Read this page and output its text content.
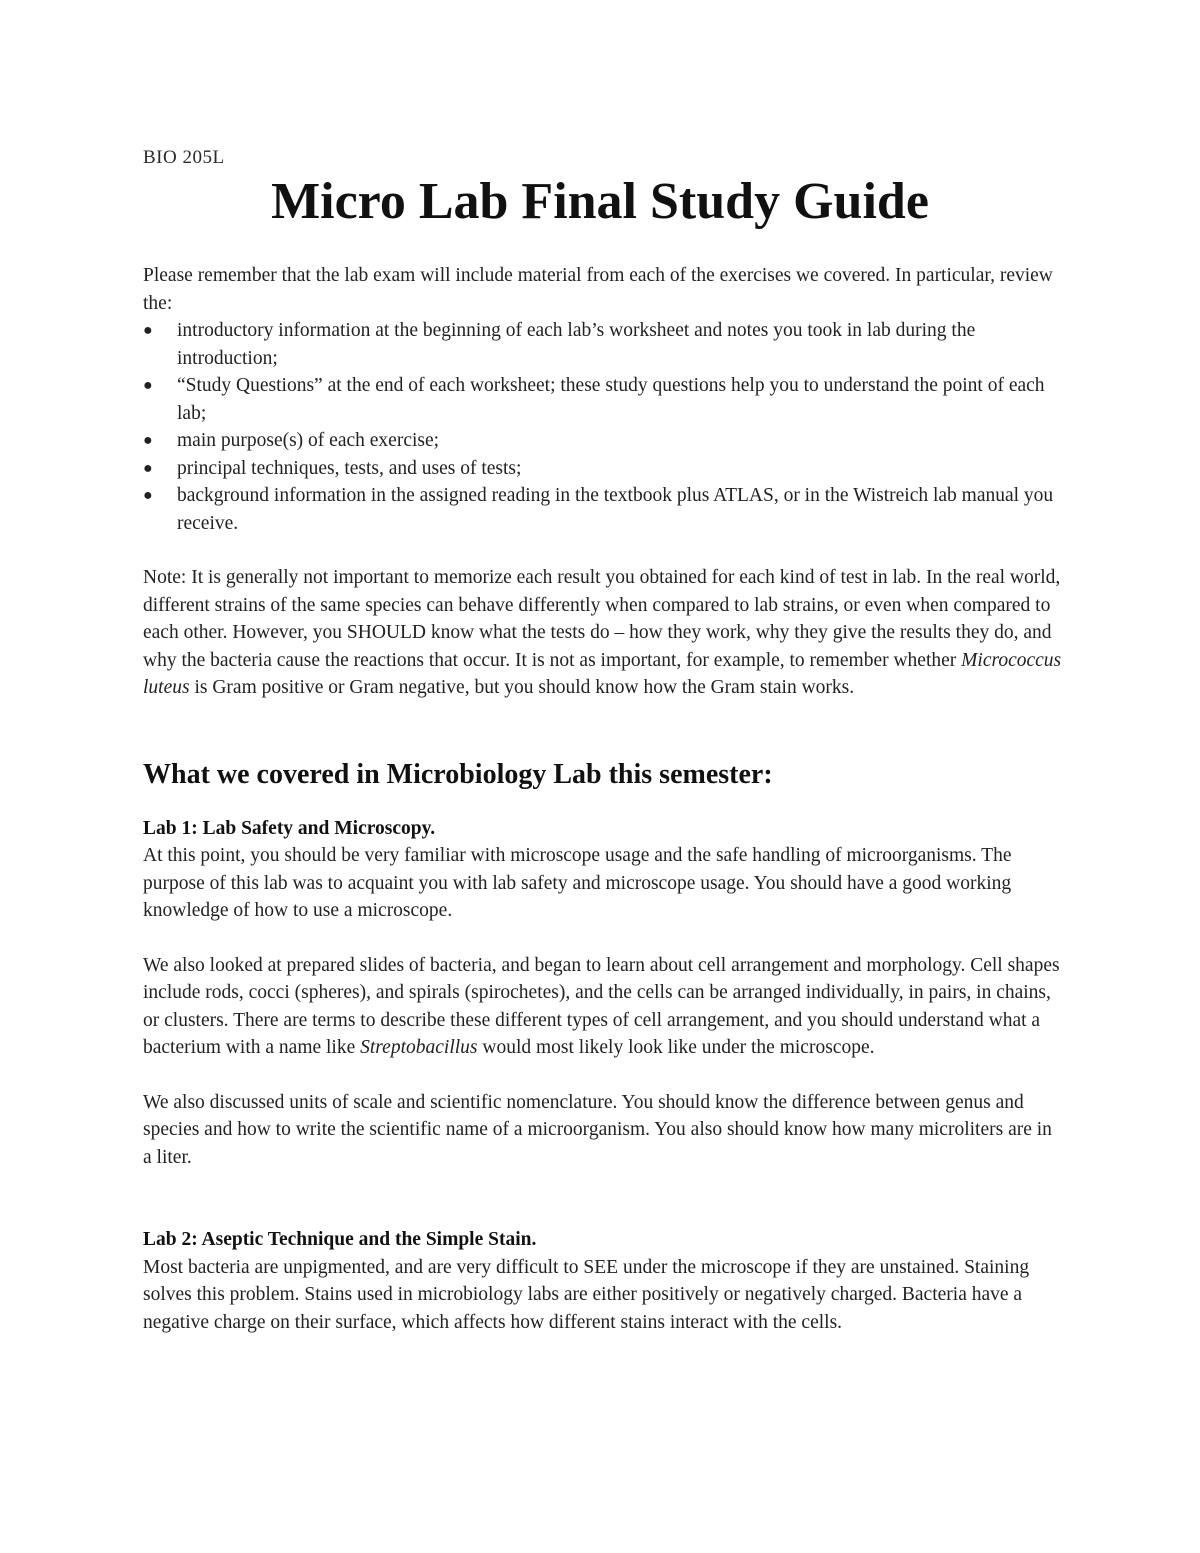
BIO 205L
Micro Lab Final Study Guide

Please remember that the lab exam will include material from each of the exercises we covered. In particular, review the:

● introductory information at the beginning of each lab’s worksheet and notes you took in lab during the introduction;
● “Study Questions” at the end of each worksheet; these study questions help you to understand the point of each lab;
● main purpose(s) of each exercise;
● principal techniques, tests, and uses of tests;
● background information in the assigned reading in the textbook plus ATLAS, or in the Wistreich lab manual you receive.

Note: It is generally not important to memorize each result you obtained for each kind of test in lab. In the real world, different strains of the same species can behave differently when compared to lab strains, or even when compared to each other. However, you SHOULD know what the tests do – how they work, why they give the results they do, and why the bacteria cause the reactions that occur. It is not as important, for example, to remember whether Micrococcus luteus is Gram positive or Gram negative, but you should know how the Gram stain works.

What we covered in Microbiology Lab this semester:
Lab 1: Lab Safety and Microscopy.

At this point, you should be very familiar with microscope usage and the safe handling of microorganisms. The purpose of this lab was to acquaint you with lab safety and microscope usage. You should have a good working knowledge of how to use a microscope.

We also looked at prepared slides of bacteria, and began to learn about cell arrangement and morphology. Cell shapes include rods, cocci (spheres), and spirals (spirochetes), and the cells can be arranged individually, in pairs, in chains, or clusters. There are terms to describe these different types of cell arrangement, and you should understand what a bacterium with a name like Streptobacillus would most likely look like under the microscope.

We also discussed units of scale and scientific nomenclature. You should know the difference between genus and species and how to write the scientific name of a microorganism. You also should know how many microliters are in a liter.

Lab 2: Aseptic Technique and the Simple Stain.

Most bacteria are unpigmented, and are very difficult to SEE under the microscope if they are unstained. Staining solves this problem. Stains used in microbiology labs are either positively or negatively charged. Bacteria have a negative charge on their surface, which affects how different stains interact with the cells.
